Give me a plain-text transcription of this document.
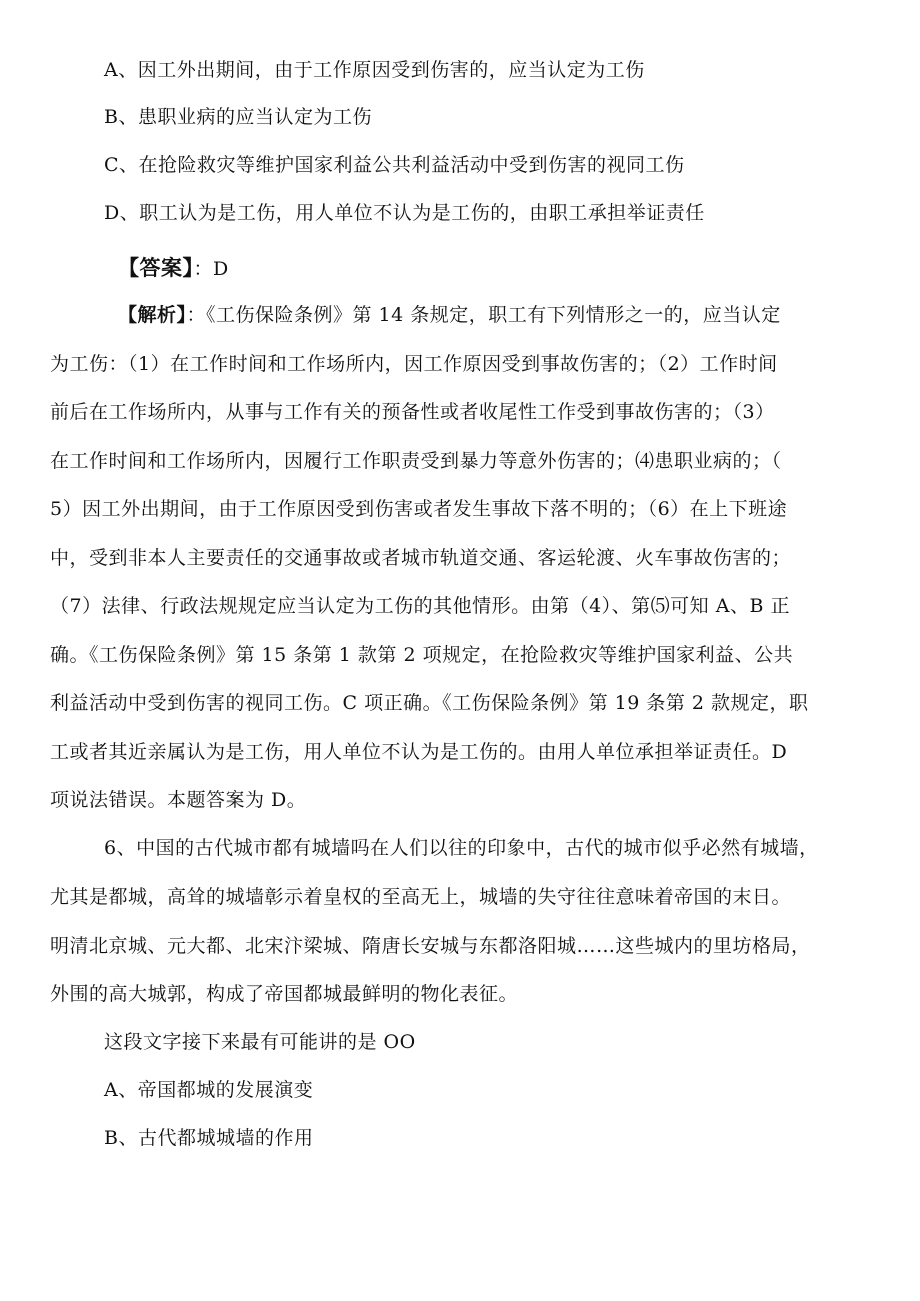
A、因工外出期间，由于工作原因受到伤害的，应当认定为工伤
B、患职业病的应当认定为工伤
C、在抢险救灾等维护国家利益公共利益活动中受到伤害的视同工伤
D、职工认为是工伤，用人单位不认为是工伤的，由职工承担举证责任
【答案】：D
【解析】：《工伤保险条例》第 14 条规定，职工有下列情形之一的，应当认定
为工伤：（1）在工作时间和工作场所内，因工作原因受到事故伤害的；（2）工作时间
前后在工作场所内，从事与工作有关的预备性或者收尾性工作受到事故伤害的；（3）
在工作时间和工作场所内，因履行工作职责受到暴力等意外伤害的；⑷患职业病的；（
5）因工外出期间，由于工作原因受到伤害或者发生事故下落不明的；（6）在上下班途
中，受到非本人主要责任的交通事故或者城市轨道交通、客运轮渡、火车事故伤害的；
（7）法律、行政法规规定应当认定为工伤的其他情形。由第（4）、第⑸可知 A、B 正
确。《工伤保险条例》第 15 条第 1 款第 2 项规定，在抢险救灾等维护国家利益、公共
利益活动中受到伤害的视同工伤。C 项正确。《工伤保险条例》第 19 条第 2 款规定，职
工或者其近亲属认为是工伤，用人单位不认为是工伤的。由用人单位承担举证责任。D
项说法错误。本题答案为 D。
6、中国的古代城市都有城墙吗在人们以往的印象中，古代的城市似乎必然有城墙，
尤其是都城，高耸的城墙彰示着皇权的至高无上，城墙的失守往往意味着帝国的末日。
明清北京城、元大都、北宋汴梁城、隋唐长安城与东都洛阳城……这些城内的里坊格局，
外围的高大城郭，构成了帝国都城最鲜明的物化表征。
这段文字接下来最有可能讲的是 OO
A、帝国都城的发展演变
B、古代都城城墙的作用
